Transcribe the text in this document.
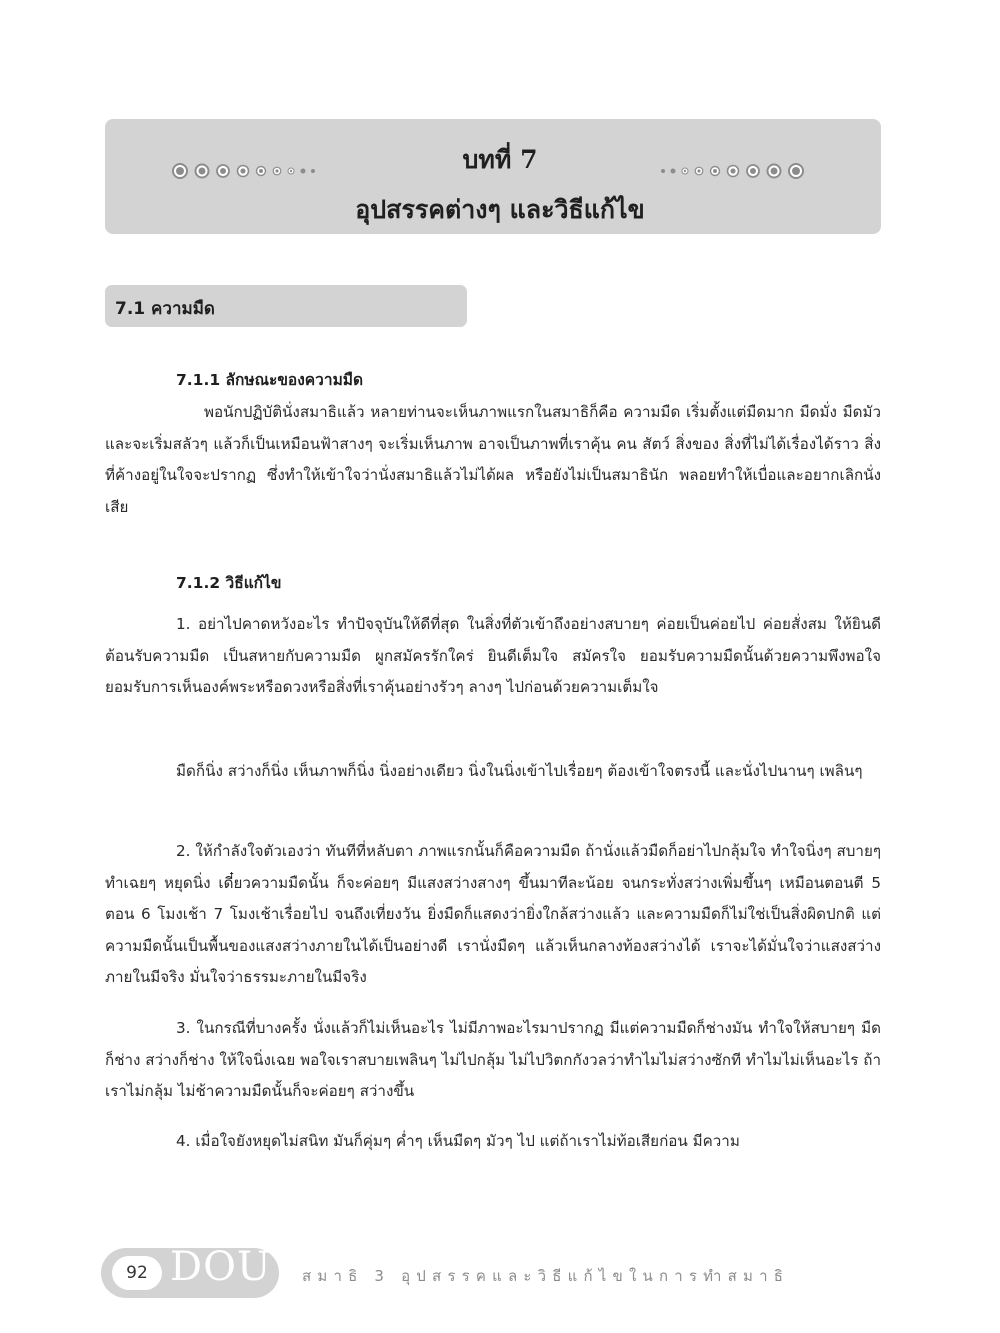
บทที่ 7
อุปสรรคต่างๆ และวิธีแก้ไข
7.1 ความมืด
7.1.1 ลักษณะของความมืด

พอนักปฏิบัตินั่งสมาธิแล้ว หลายท่านจะเห็นภาพแรกในสมาธิก็คือ ความมืด เริ่มตั้งแต่มืดมาก มืดมั่ง มืดมัว และจะเริ่มสลัวๆ แล้วก็เป็นเหมือนฟ้าสางๆ จะเริ่มเห็นภาพ อาจเป็นภาพที่เราคุ้น คน สัตว์ สิ่งของ สิ่งที่ไม่ได้เรื่องได้ราว สิ่งที่ค้างอยู่ในใจจะปรากฏ ซึ่งทำให้เข้าใจว่านั่งสมาธิแล้วไม่ได้ผล หรือยังไม่เป็นสมาธินัก พลอยทำให้เบื่อและอยากเลิกนั่งเสีย

7.1.2 วิธีแก้ไข

1. อย่าไปคาดหวังอะไร ทำปัจจุบันให้ดีที่สุด ในสิ่งที่ตัวเข้าถึงอย่างสบายๆ ค่อยเป็นค่อยไป ค่อยสั่งสม ให้ยินดีต้อนรับความมืด เป็นสหายกับความมืด ผูกสมัครรักใคร่ ยินดีเต็มใจ สมัครใจ ยอมรับความมืดนั้นด้วยความพึงพอใจ ยอมรับการเห็นองค์พระหรือดวงหรือสิ่งที่เราคุ้นอย่างรัวๆ ลางๆ ไปก่อนด้วยความเต็มใจ

มืดก็นิ่ง สว่างก็นิ่ง เห็นภาพก็นิ่ง นิ่งอย่างเดียว นิ่งในนิ่งเข้าไปเรื่อยๆ ต้องเข้าใจตรงนี้ และนั่งไปนานๆ เพลินๆ

2. ให้กำลังใจตัวเองว่า ทันทีที่หลับตา ภาพแรกนั้นก็คือความมืด ถ้านั่งแล้วมืดก็อย่าไปกลุ้มใจ ทำใจนิ่งๆ สบายๆ ทำเฉยๆ หยุดนิ่ง เดี๋ยวความมืดนั้น ก็จะค่อยๆ มีแสงสว่างสางๆ ขึ้นมาทีละน้อย จนกระทั่งสว่างเพิ่มขึ้นๆ เหมือนตอนตี 5 ตอน 6 โมงเช้า 7 โมงเช้าเรื่อยไป จนถึงเที่ยงวัน ยิ่งมืดก็แสดงว่ายิ่งใกล้สว่างแล้ว และความมืดก็ไม่ใช่เป็นสิ่งผิดปกติ แต่ความมืดนั้นเป็นพื้นของแสงสว่างภายในได้เป็นอย่างดี เรานั่งมืดๆ แล้วเห็นกลางท้องสว่างได้ เราจะได้มั่นใจว่าแสงสว่างภายในมีจริง มั่นใจว่าธรรมะภายในมีจริง

3. ในกรณีที่บางครั้ง นั่งแล้วก็ไม่เห็นอะไร ไม่มีภาพอะไรมาปรากฏ มีแต่ความมืดก็ช่างมัน ทำใจให้สบายๆ มืดก็ช่าง สว่างก็ช่าง ให้ใจนิ่งเฉย พอใจเราสบายเพลินๆ ไม่ไปกลุ้ม ไม่ไปวิตกกังวลว่าทำไมไม่สว่างซักที ทำไมไม่เห็นอะไร ถ้าเราไม่กลุ้ม ไม่ช้าความมืดนั้นก็จะค่อยๆ สว่างขึ้น

4. เมื่อใจยังหยุดไม่สนิท มันก็คุ่มๆ ค่ำๆ เห็นมืดๆ มัวๆ ไป แต่ถ้าเราไม่ท้อเสียก่อน มีความ

92 DOU สมาธิ 3 อุปสรรคและวิธีแก้ไขในการทำสมาธิ
